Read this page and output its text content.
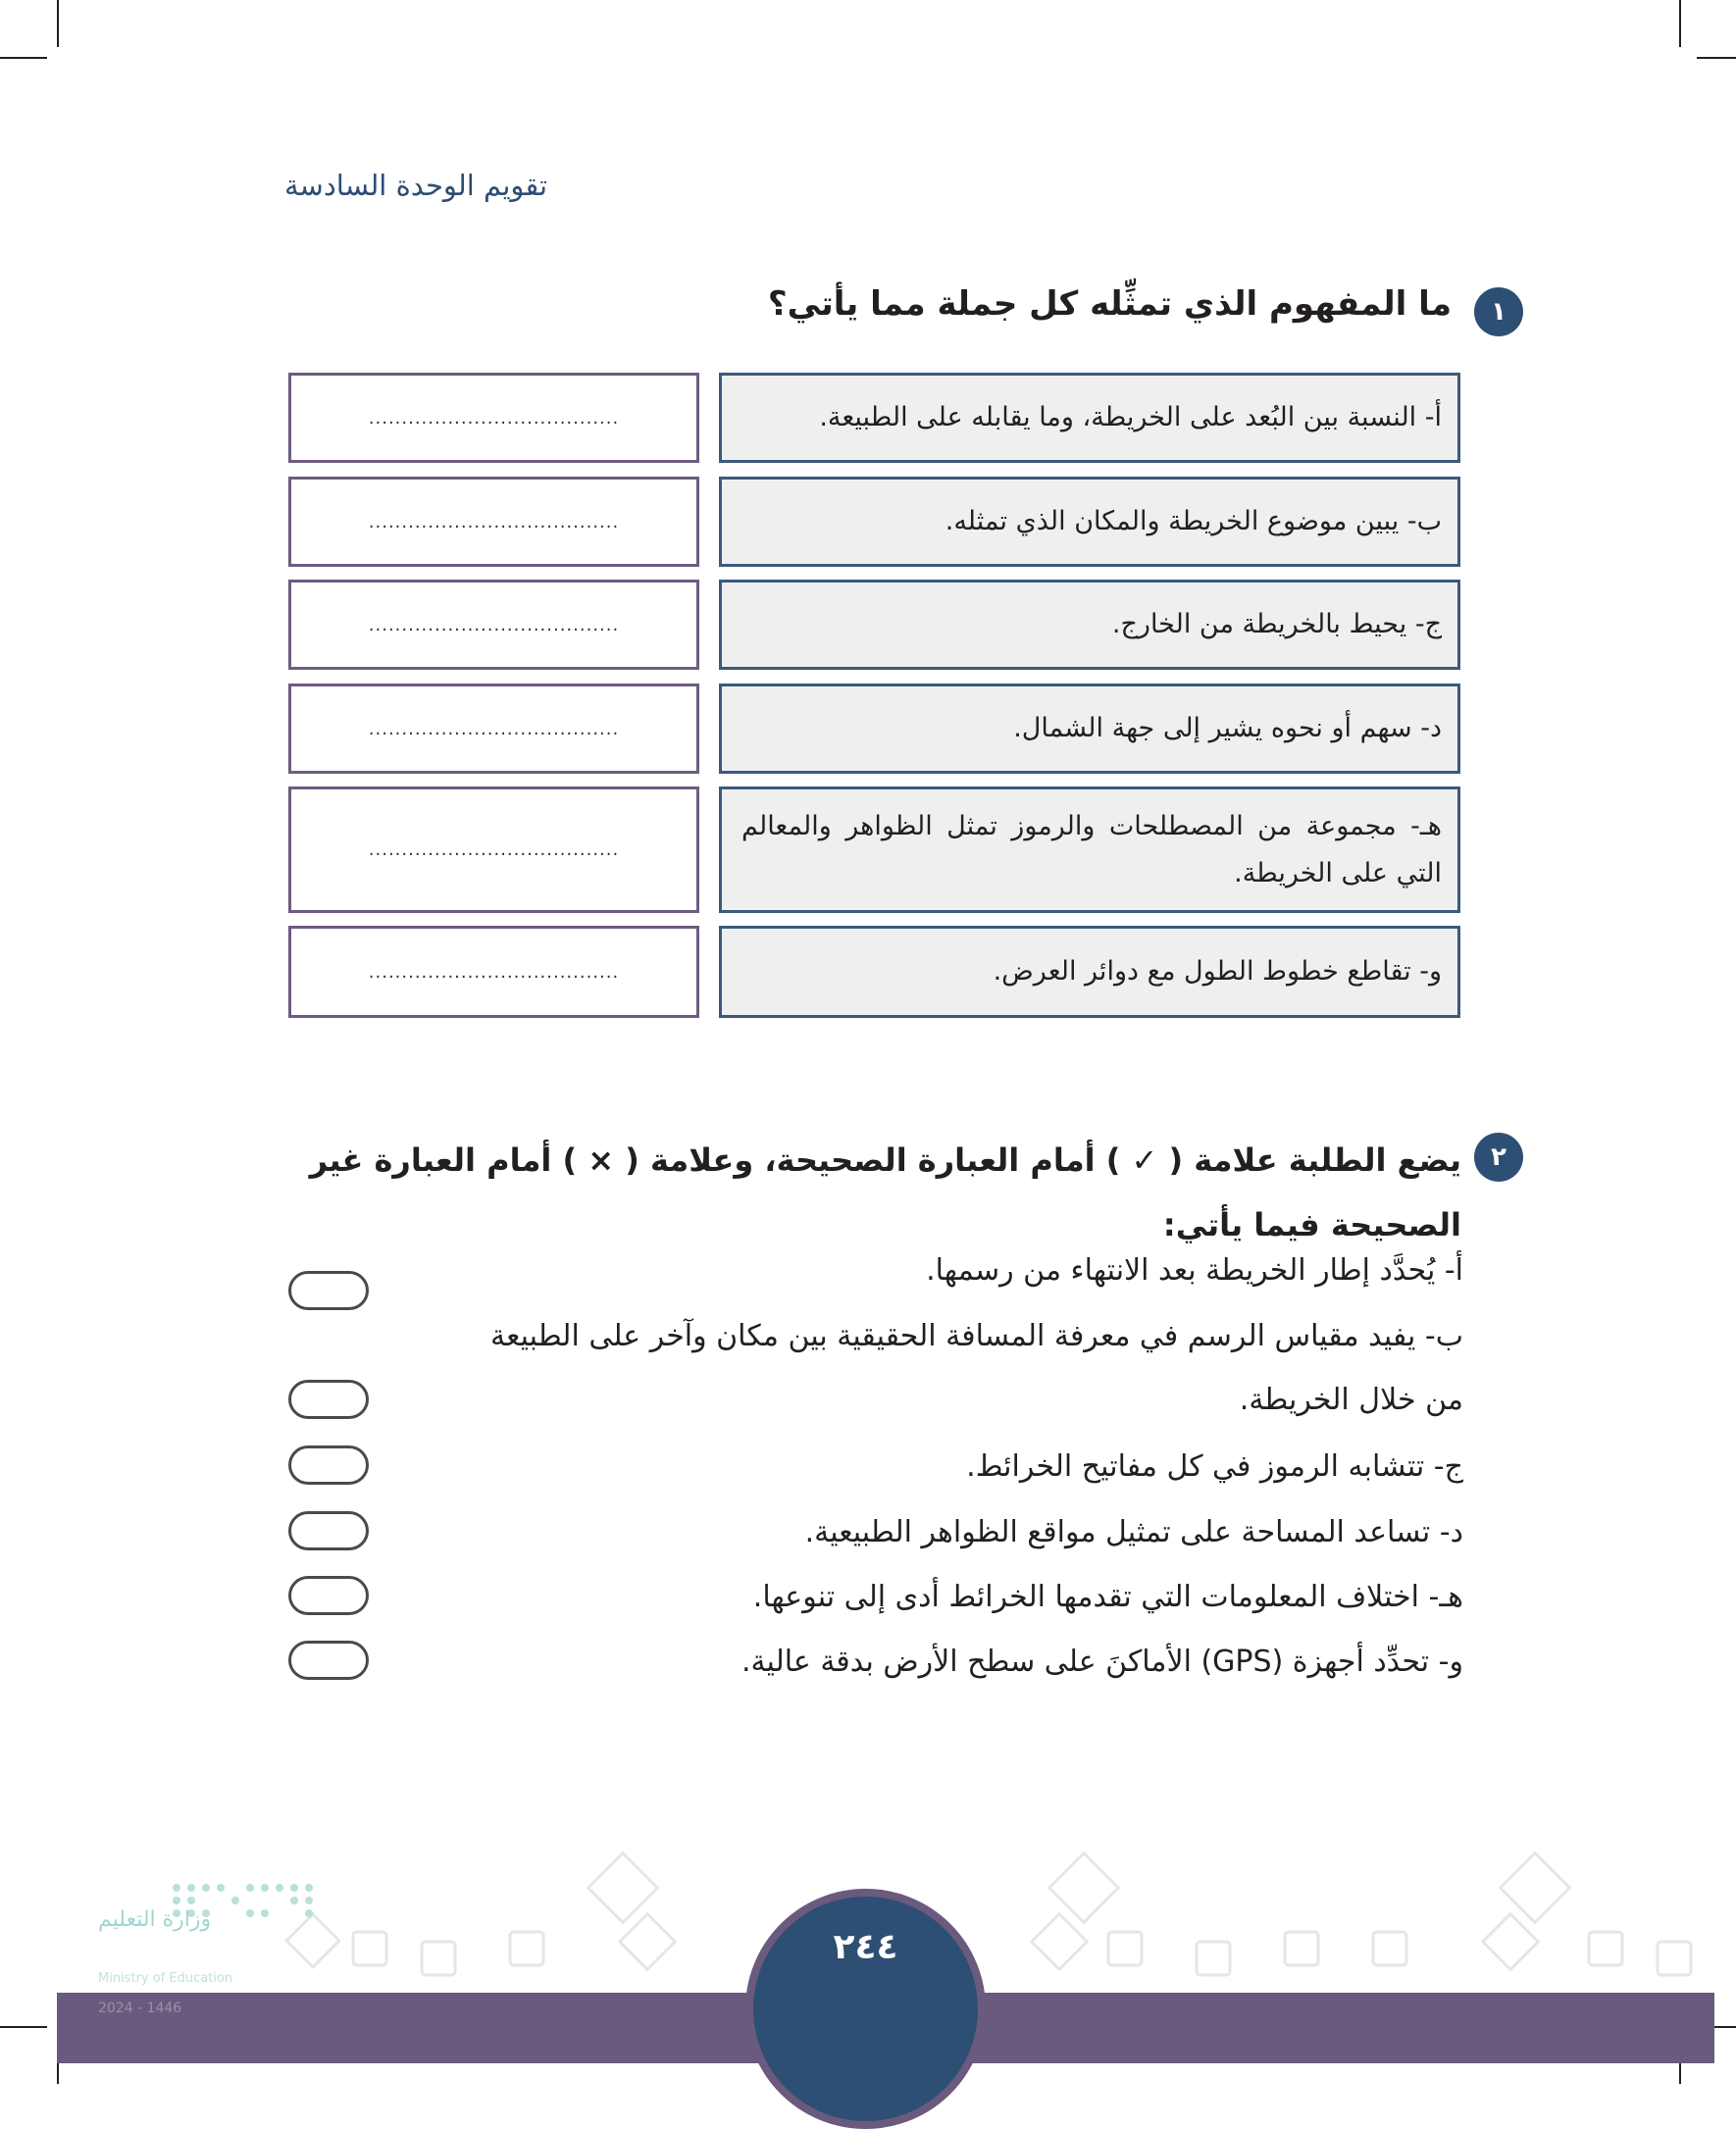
تقويم الوحدة السادسة
١
ما المفهوم الذي تمثِّله كل جملة مما يأتي؟
أ- النسبة بين البُعد على الخريطة، وما يقابله على الطبيعة.
......................................
ب- يبين موضوع الخريطة والمكان الذي تمثله.
......................................
ج- يحيط بالخريطة من الخارج.
......................................
د- سهم أو نحوه يشير إلى جهة الشمال.
......................................
هـ- مجموعة من المصطلحات والرموز تمثل الظواهر والمعالم التي على الخريطة.
......................................
و- تقاطع خطوط الطول مع دوائر العرض.
......................................
٢
يضع الطلبة علامة ( ✓ ) أمام العبارة الصحيحة، وعلامة ( × ) أمام العبارة غير الصحيحة فيما يأتي:
أ- يُحدَّد إطار الخريطة بعد الانتهاء من رسمها.
ب- يفيد مقياس الرسم في معرفة المسافة الحقيقية بين مكان وآخر على الطبيعة من خلال الخريطة.
ج- تتشابه الرموز في كل مفاتيح الخرائط.
د- تساعد المساحة على تمثيل مواقع الظواهر الطبيعية.
هـ- اختلاف المعلومات التي تقدمها الخرائط أدى إلى تنوعها.
و- تحدِّد أجهزة (GPS) الأماكنَ على سطح الأرض بدقة عالية.
وزارة التعليم
Ministry of Education
2024 - 1446
٢٤٤
